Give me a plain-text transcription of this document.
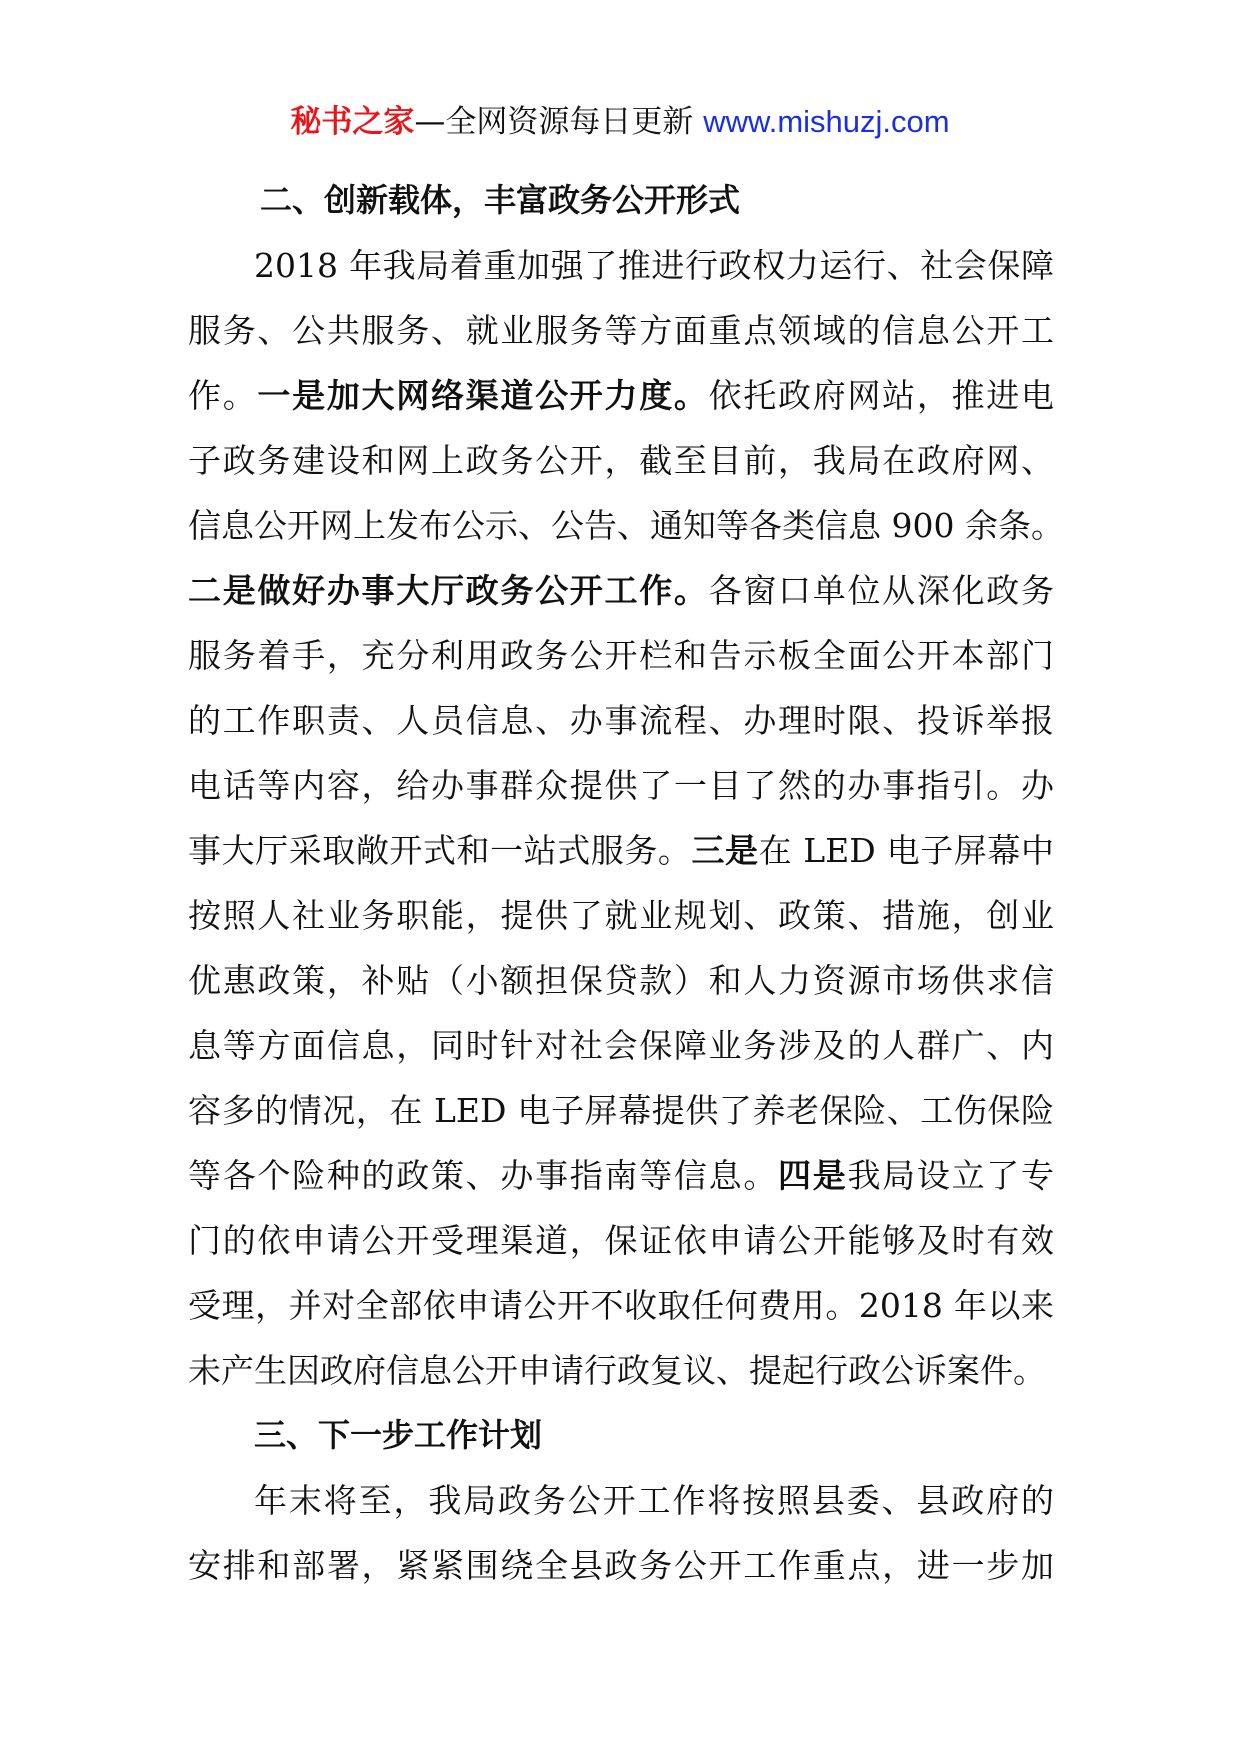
秘书之家—全网资源每日更新 www.mishuzj.com
二、创新载体，丰富政务公开形式
2018 年我局着重加强了推进行政权力运行、社会保障
服务、公共服务、就业服务等方面重点领域的信息公开工
作。一是加大网络渠道公开力度。依托政府网站，推进电
子政务建设和网上政务公开，截至目前，我局在政府网、
信息公开网上发布公示、公告、通知等各类信息 900 余条。
二是做好办事大厅政务公开工作。各窗口单位从深化政务
服务着手，充分利用政务公开栏和告示板全面公开本部门
的工作职责、人员信息、办事流程、办理时限、投诉举报
电话等内容，给办事群众提供了一目了然的办事指引。办
事大厅采取敞开式和一站式服务。三是在 LED 电子屏幕中
按照人社业务职能，提供了就业规划、政策、措施，创业
优惠政策，补贴（小额担保贷款）和人力资源市场供求信
息等方面信息，同时针对社会保障业务涉及的人群广、内
容多的情况，在 LED 电子屏幕提供了养老保险、工伤保险
等各个险种的政策、办事指南等信息。四是我局设立了专
门的依申请公开受理渠道，保证依申请公开能够及时有效
受理，并对全部依申请公开不收取任何费用。2018 年以来
未产生因政府信息公开申请行政复议、提起行政公诉案件。
三、下一步工作计划
年末将至，我局政务公开工作将按照县委、县政府的
安排和部署，紧紧围绕全县政务公开工作重点，进一步加
